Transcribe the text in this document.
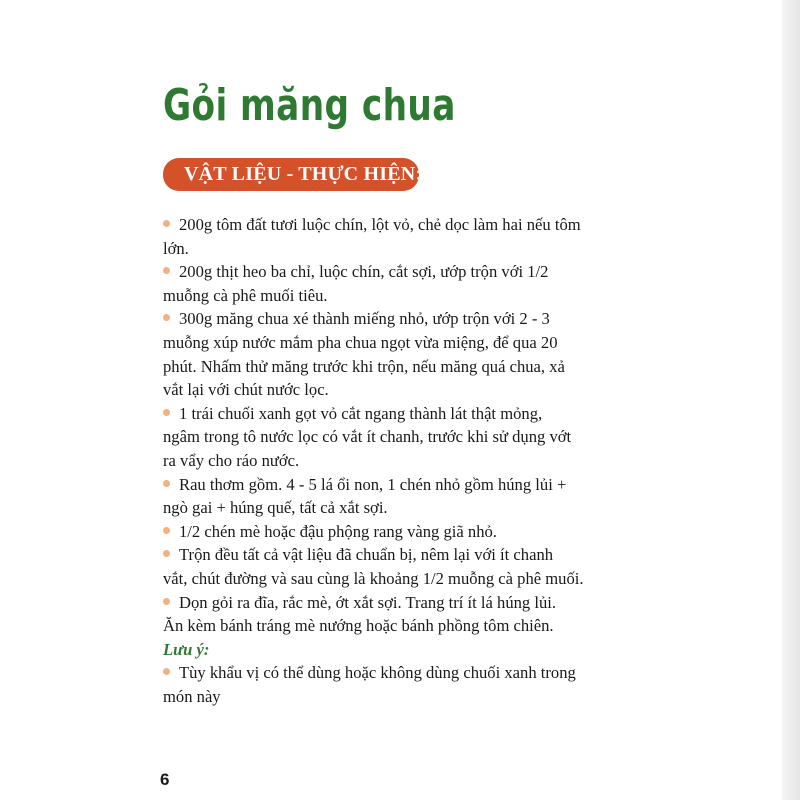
Gỏi măng chua
VẬT LIỆU - THỰC HIỆN:
200g tôm đất tươi luộc chín, lột vỏ, chẻ dọc làm hai nếu tôm
lớn.
200g thịt heo ba chỉ, luộc chín, cắt sợi, ướp trộn với 1/2
muỗng cà phê muối tiêu.
300g măng chua xé thành miếng nhỏ, ướp trộn với 2 - 3
muỗng xúp nước mắm pha chua ngọt vừa miệng, để qua 20
phút. Nhấm thử măng trước khi trộn, nếu măng quá chua, xả
vắt lại với chút nước lọc.
1 trái chuối xanh gọt vỏ cắt ngang thành lát thật mỏng,
ngâm trong tô nước lọc có vắt ít chanh, trước khi sử dụng vớt
ra vẩy cho ráo nước.
Rau thơm gồm. 4 - 5 lá ổi non, 1 chén nhỏ gồm húng lủi +
ngò gai + húng quế, tất cả xắt sợi.
1/2 chén mè hoặc đậu phộng rang vàng giã nhỏ.
Trộn đều tất cả vật liệu đã chuẩn bị, nêm lại với ít chanh
vắt, chút đường và sau cùng là khoảng 1/2 muỗng cà phê muối.
Dọn gỏi ra đĩa, rắc mè, ớt xắt sợi. Trang trí ít lá húng lủi.
Ăn kèm bánh tráng mè nướng hoặc bánh phồng tôm chiên.
Lưu ý:
Tùy khẩu vị có thể dùng hoặc không dùng chuối xanh trong
món này
6
